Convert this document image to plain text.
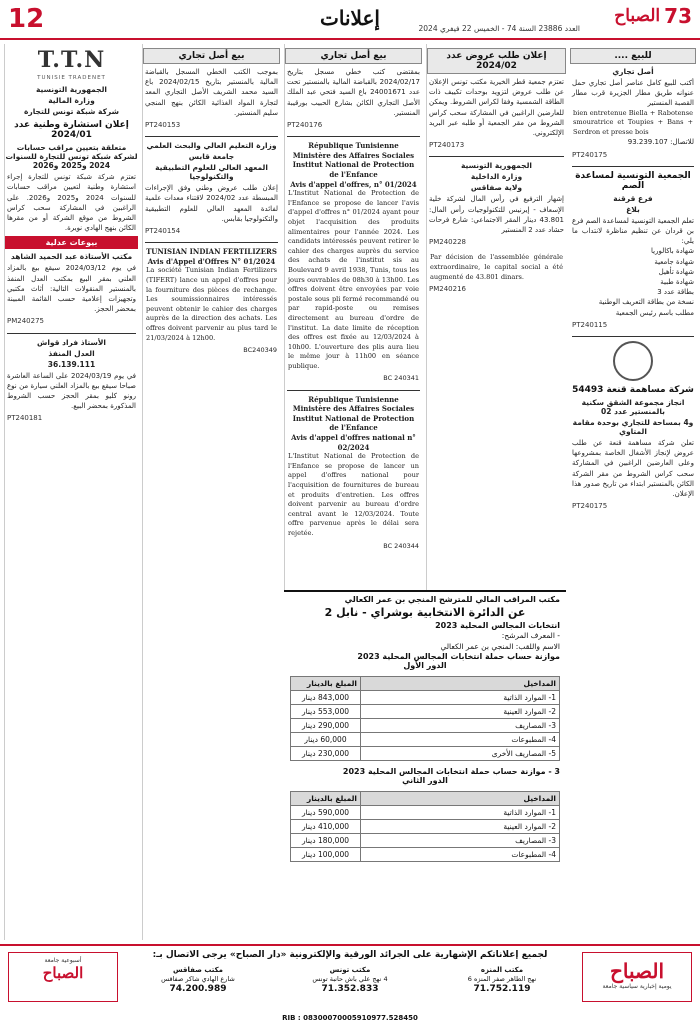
12	إعلانات	العدد 23886 السنة 74 - الخميس 22 فيفري 2024
الصباح 73
للبيع ....
أصل تجاري
أكتب للبيع كامل عناصر أصل تجاري حمل عنوانه طريق مطار الجزيرة قرب مطار القصبة المنستير
bien entretenue Biella + Rabotense smouratrice et Toupies + Bans + Serdron et presse bois
للاتصال: 93.239.107
PT240175
الجمعية التونسية لمساعدة الصم
فرع قرقنة
بلاغ
تعلم الجمعية التونسية لمساعدة الصم فرع بن قردان عن تنظيم مناظرة لانتداب ما يلي:
شهادة باكالوريا
شهادة جامعية
شهادة تأهيل
شهادة طبية
بطاقة عدد 3
نسخة من بطاقة التعريف الوطنية
مطلب باسم رئيس الجمعية
PT240115
شركة مساهمة قنعة 54493
انجاز مجموعة الشقق سكنية بالمنستير عدد 02
و4 بمساحة للتجاري بوحدة مقامة المتاوي
تعلن شركة مساهمة قنعة عن طلب عروض لإنجاز الأشغال الخاصة بمشروعها وعلى العارضين الراغبين في المشاركة سحب كراس الشروط من مقر الشركة الكائن بالمنستير ابتداء من تاريخ صدور هذا الإعلان.
PT240175
إعلان طلب عروض عدد 2024/02
تعتزم جمعية قطر الخيرية مكتب تونس الإعلان عن طلب عروض لتزويد بوحدات تكييف ذات الطاقة الشمسية وفقا لكراس الشروط. ويمكن للعارضين الراغبين في المشاركة سحب كراس الشروط من مقر الجمعية أو طلبه عبر البريد الإلكتروني.
PT240173
الجمهورية التونسية
وزارة الداخلية
ولاية صفاقس
إشهار الترفيع في رأس المال لشركة خلية الإسعاف - إيرنيس للتكنولوجيات رأس المال: 43.801 دينار المقر الاجتماعي: شارع فرحات حشاد عدد 2 المنستير
PM240228
Par décision de l'assemblée générale extraordinaire, le capital social a été augmenté de 43.801 dinars.
PM240216
بيع أصل تجاري
بمقتضى كتب خطي مسجل بتاريخ 2024/02/17 بالقباضة المالية بالمنستير تحت عدد 24001671 باع السيد فتحي عبد الملك الأصل التجاري الكائن بشارع الحبيب بورقيبة المنستير.
PT240176
République Tunisienne
Ministère des Affaires Sociales
Institut National de Protection de l'Enfance
Avis d'appel d'offres, n° 01/2024
L'Institut National de Protection de l'Enfance se propose de lancer l'avis d'appel d'offres n° 01/2024 ayant pour objet l'acquisition des produits alimentaires pour l'année 2024. Les candidats intéressés peuvent retirer le cahier des charges auprès du service des achats de l'institut sis au Boulevard 9 avril 1938, Tunis, tous les jours ouvrables de 08h30 à 13h00. Les offres doivent être envoyées par voie postale sous pli fermé recommandé ou par rapid-poste ou remises directement au bureau d'ordre de l'institut. La date limite de réception des offres est fixée au 12/03/2024 à 10h00. L'ouverture des plis aura lieu le même jour à 11h00 en séance publique.
BC 240341
République Tunisienne
Ministère des Affaires Sociales
Institut National de Protection de l'Enfance
Avis d'appel d'offres national n° 02/2024
L'Institut National de Protection de l'Enfance se propose de lancer un appel d'offres national pour l'acquisition de fournitures de bureau et produits d'entretien. Les offres doivent parvenir au bureau d'ordre central avant le 12/03/2024. Toute offre parvenue après le délai sera rejetée.
BC 240344
بيع أصل تجاري
بموجب الكتب الخطي المسجل بالقباضة المالية بالمنستير بتاريخ 2024/02/15 باع السيد محمد الشريف الأصل التجاري المعد لتجارة المواد الغذائية الكائن بنهج المنجي سليم المنستير.
PT240153
وزارة التعليم العالي والبحث العلمي
جامعة قابس
المعهد العالي للعلوم التطبيقية والتكنولوجيا
إعلان طلب عروض وطني وفق الإجراءات المبسطة عدد 2024/02 لاقتناء معدات علمية لفائدة المعهد العالي للعلوم التطبيقية والتكنولوجيا بقابس.
PT240154
TUNISIAN INDIAN FERTILIZERS
Avis d'Appel d'Offres N° 01/2024
La société Tunisian Indian Fertilizers (TIFERT) lance un appel d'offres pour la fourniture des pièces de rechange. Les soumissionnaires intéressés peuvent obtenir le cahier des charges auprès de la direction des achats. Les offres doivent parvenir au plus tard le 21/03/2024 à 12h00.
BC240349
T.T.N
TUNISIE TRADENET
الجمهورية التونسية
وزارة المالية
شركة شبكة تونس للتجارة
إعلان استشارة وطنية عدد 2024/01
متعلقة بتعيين مراقب حسابات لشركة شبكة تونس للتجارة للسنوات 2024 و2025 و2026
تعتزم شركة شبكة تونس للتجارة إجراء استشارة وطنية لتعيين مراقب حسابات للسنوات 2024 و2025 و2026. على الراغبين في المشاركة سحب كراس الشروط من موقع الشركة أو من مقرها الكائن بنهج الهادي نويرة.
بيوعات عدلية
مكتب الأستاذة عبد الحميد الشاهد
في يوم 2024/03/12 سيقع بيع بالمزاد العلني بمقر البيع بمكتب العدل المنفذ بالمنستير المنقولات التالية: أثاث مكتبي وتجهيزات إعلامية حسب القائمة المبينة بمحضر الحجز.
PM240275
الأستاذ فراد قواش
العدل المنفذ
36.139.111
في يوم 2024/03/19 على الساعة العاشرة صباحا سيقع بيع بالمزاد العلني سيارة من نوع رونو كليو بمقر الحجز حسب الشروط المذكورة بمحضر البيع.
PT240181
مكتب المراقب المالي للمترشح المنجي بن عمر الكعالي
عن الدائرة الانتخابية بوشراي - نابل 2
انتخابات المجالس المحلية 2023
- المعرف المرشح:
الاسم واللقب: المنجي بن عمر الكعالي
موازنة حساب حملة انتخابات المجالس المحلية 2023
الدور الأول
المداخيل	المبلغ بالدينار
1- الموارد الذاتية	843,000 دينار
2- الموارد العينية	553,000 دينار
3- المصاريف	290,000 دينار
4- المطبوعات	60,000 دينار
5- المصاريف الأخرى	230,000 دينار
3 - موازنة حساب حملة انتخابات المجالس المحلية 2023
الدور الثاني
المداخيل	المبلغ بالدينار
1- الموارد الذاتية	590,000 دينار
2- الموارد العينية	410,000 دينار
3- المصاريف	180,000 دينار
4- المطبوعات	100,000 دينار
الصباح
يومية إخبارية سياسية جامعة
لجميع إعلاناتكم الإشهارية على الجرائد الورقية والإلكترونية «دار الصباح» يرجى الاتصال بـ:
مكتب المنزه
نهج الطاهر صفر المنزه 6
71.752.119
مكتب تونس
4 نهج علي باش حانبة تونس
71.352.833
مكتب صفاقس
شارع الهادي شاكر صفاقس
74.200.989
RIB : 08300070005910977.528450
أسبوعية جامعة
الصباح
